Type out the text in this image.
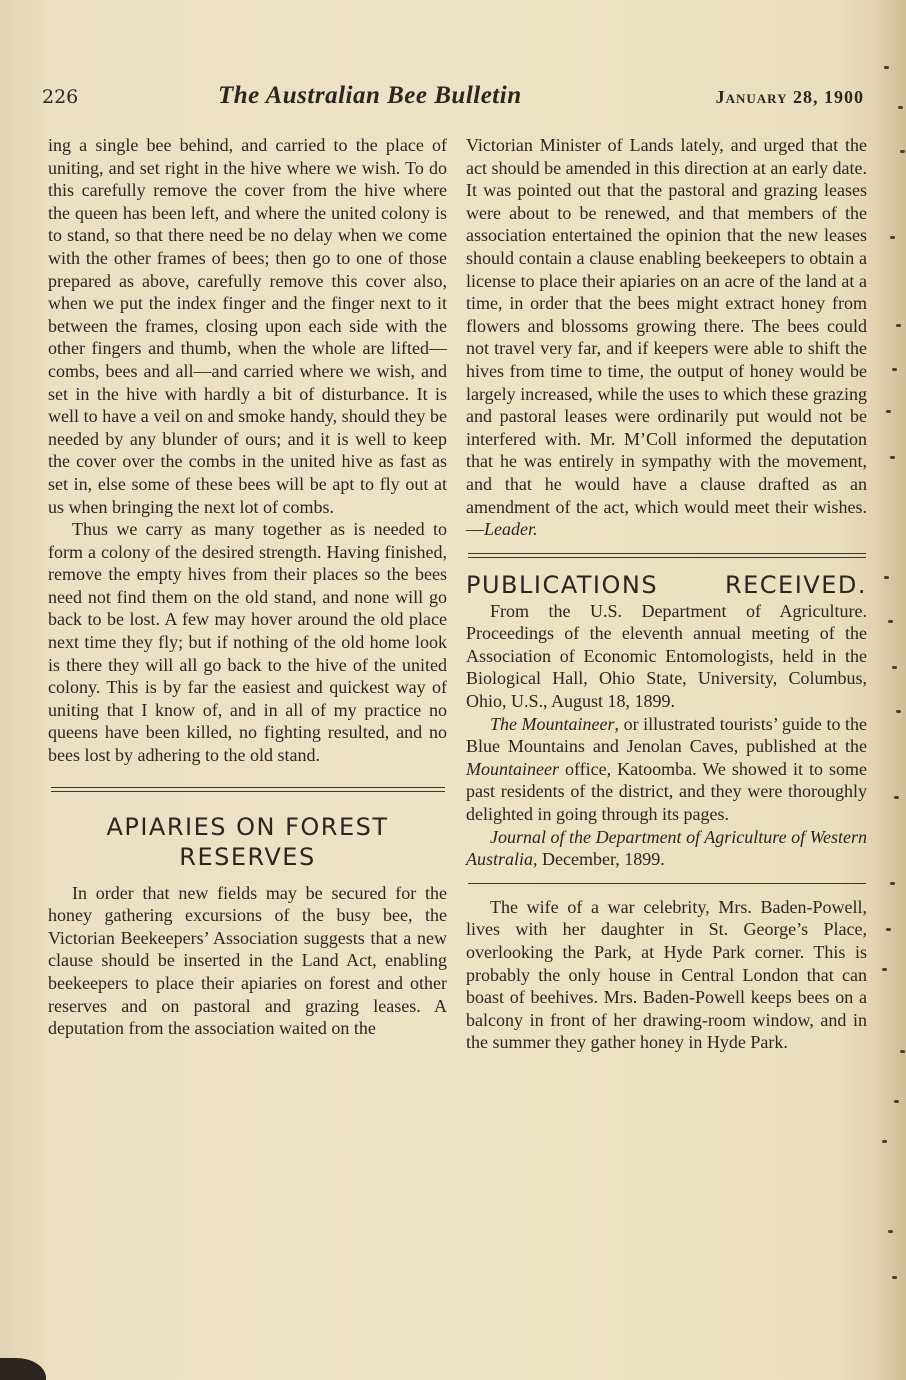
226	The Australian Bee Bulletin	January 28, 1900

ing a single bee behind, and carried to the place of uniting, and set right in the hive where we wish. To do this carefully remove the cover from the hive where the queen has been left, and where the united colony is to stand, so that there need be no delay when we come with the other frames of bees; then go to one of those prepared as above, carefully remove this cover also, when we put the index finger and the finger next to it between the frames, closing upon each side with the other fingers and thumb, when the whole are lifted—combs, bees and all—and carried where we wish, and set in the hive with hardly a bit of disturbance. It is well to have a veil on and smoke handy, should they be needed by any blunder of ours; and it is well to keep the cover over the combs in the united hive as fast as set in, else some of these bees will be apt to fly out at us when bringing the next lot of combs.

Thus we carry as many together as is needed to form a colony of the desired strength. Having finished, remove the empty hives from their places so the bees need not find them on the old stand, and none will go back to be lost. A few may hover around the old place next time they fly; but if nothing of the old home look is there they will all go back to the hive of the united colony. This is by far the easiest and quickest way of uniting that I know of, and in all of my practice no queens have been killed, no fighting resulted, and no bees lost by adhering to the old stand.

APIARIES ON FOREST
RESERVES

In order that new fields may be secured for the honey gathering excursions of the busy bee, the Victorian Beekeepers’ Association suggests that a new clause should be inserted in the Land Act, enabling beekeepers to place their apiaries on forest and other reserves and on pastoral and grazing leases. A deputation from the association waited on the

Victorian Minister of Lands lately, and urged that the act should be amended in this direction at an early date. It was pointed out that the pastoral and grazing leases were about to be renewed, and that members of the association entertained the opinion that the new leases should contain a clause enabling beekeepers to obtain a license to place their apiaries on an acre of the land at a time, in order that the bees might extract honey from flowers and blossoms growing there. The bees could not travel very far, and if keepers were able to shift the hives from time to time, the output of honey would be largely increased, while the uses to which these grazing and pastoral leases were ordinarily put would not be interfered with. Mr. M’Coll informed the deputation that he was entirely in sympathy with the movement, and that he would have a clause drafted as an amendment of the act, which would meet their wishes.—Leader.

PUBLICATIONS RECEIVED.

From the U.S. Department of Agriculture. Proceedings of the eleventh annual meeting of the Association of Economic Entomologists, held in the Biological Hall, Ohio State, University, Columbus, Ohio, U.S., August 18, 1899.

The Mountaineer, or illustrated tourists’ guide to the Blue Mountains and Jenolan Caves, published at the Mountaineer office, Katoomba. We showed it to some past residents of the district, and they were thoroughly delighted in going through its pages.

Journal of the Department of Agriculture of Western Australia, December, 1899.

The wife of a war celebrity, Mrs. Baden-Powell, lives with her daughter in St. George’s Place, overlooking the Park, at Hyde Park corner. This is probably the only house in Central London that can boast of beehives. Mrs. Baden-Powell keeps bees on a balcony in front of her drawing-room window, and in the summer they gather honey in Hyde Park.
